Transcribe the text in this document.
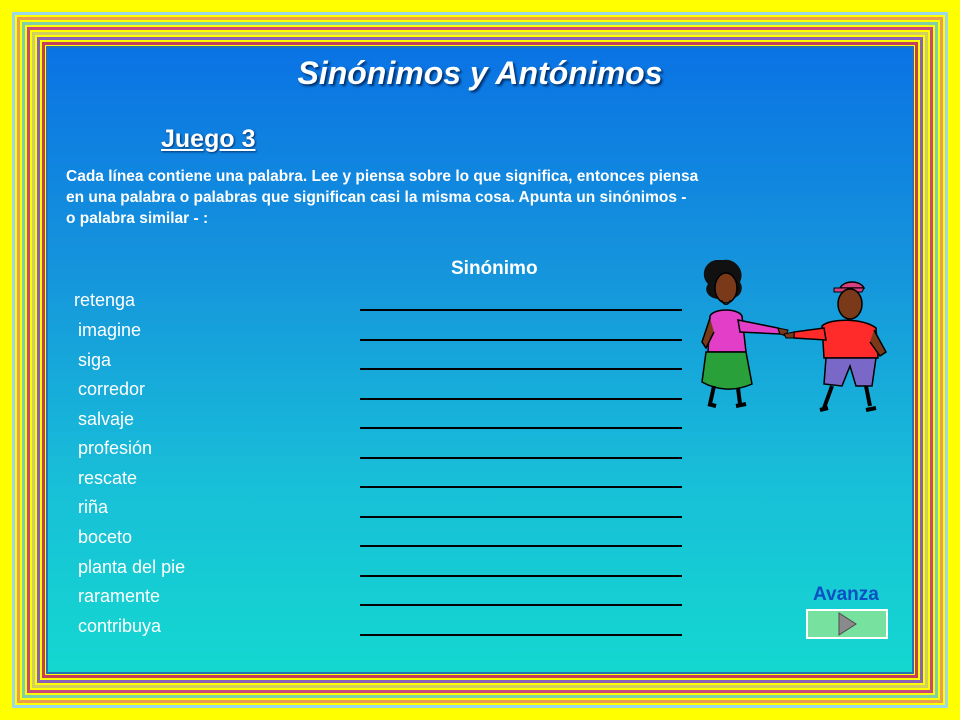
Sinónimos y Antónimos
Juego 3
Cada línea contiene una palabra. Lee y piensa sobre lo que significa, entonces piensa
en una palabra o palabras que significan casi la misma cosa. Apunta un sinónimos -
o palabra similar - :
Sinónimo
retenga
imagine
siga
corredor
salvaje
profesión
rescate
riña
boceto
planta del pie
raramente
contribuya
Avanza
